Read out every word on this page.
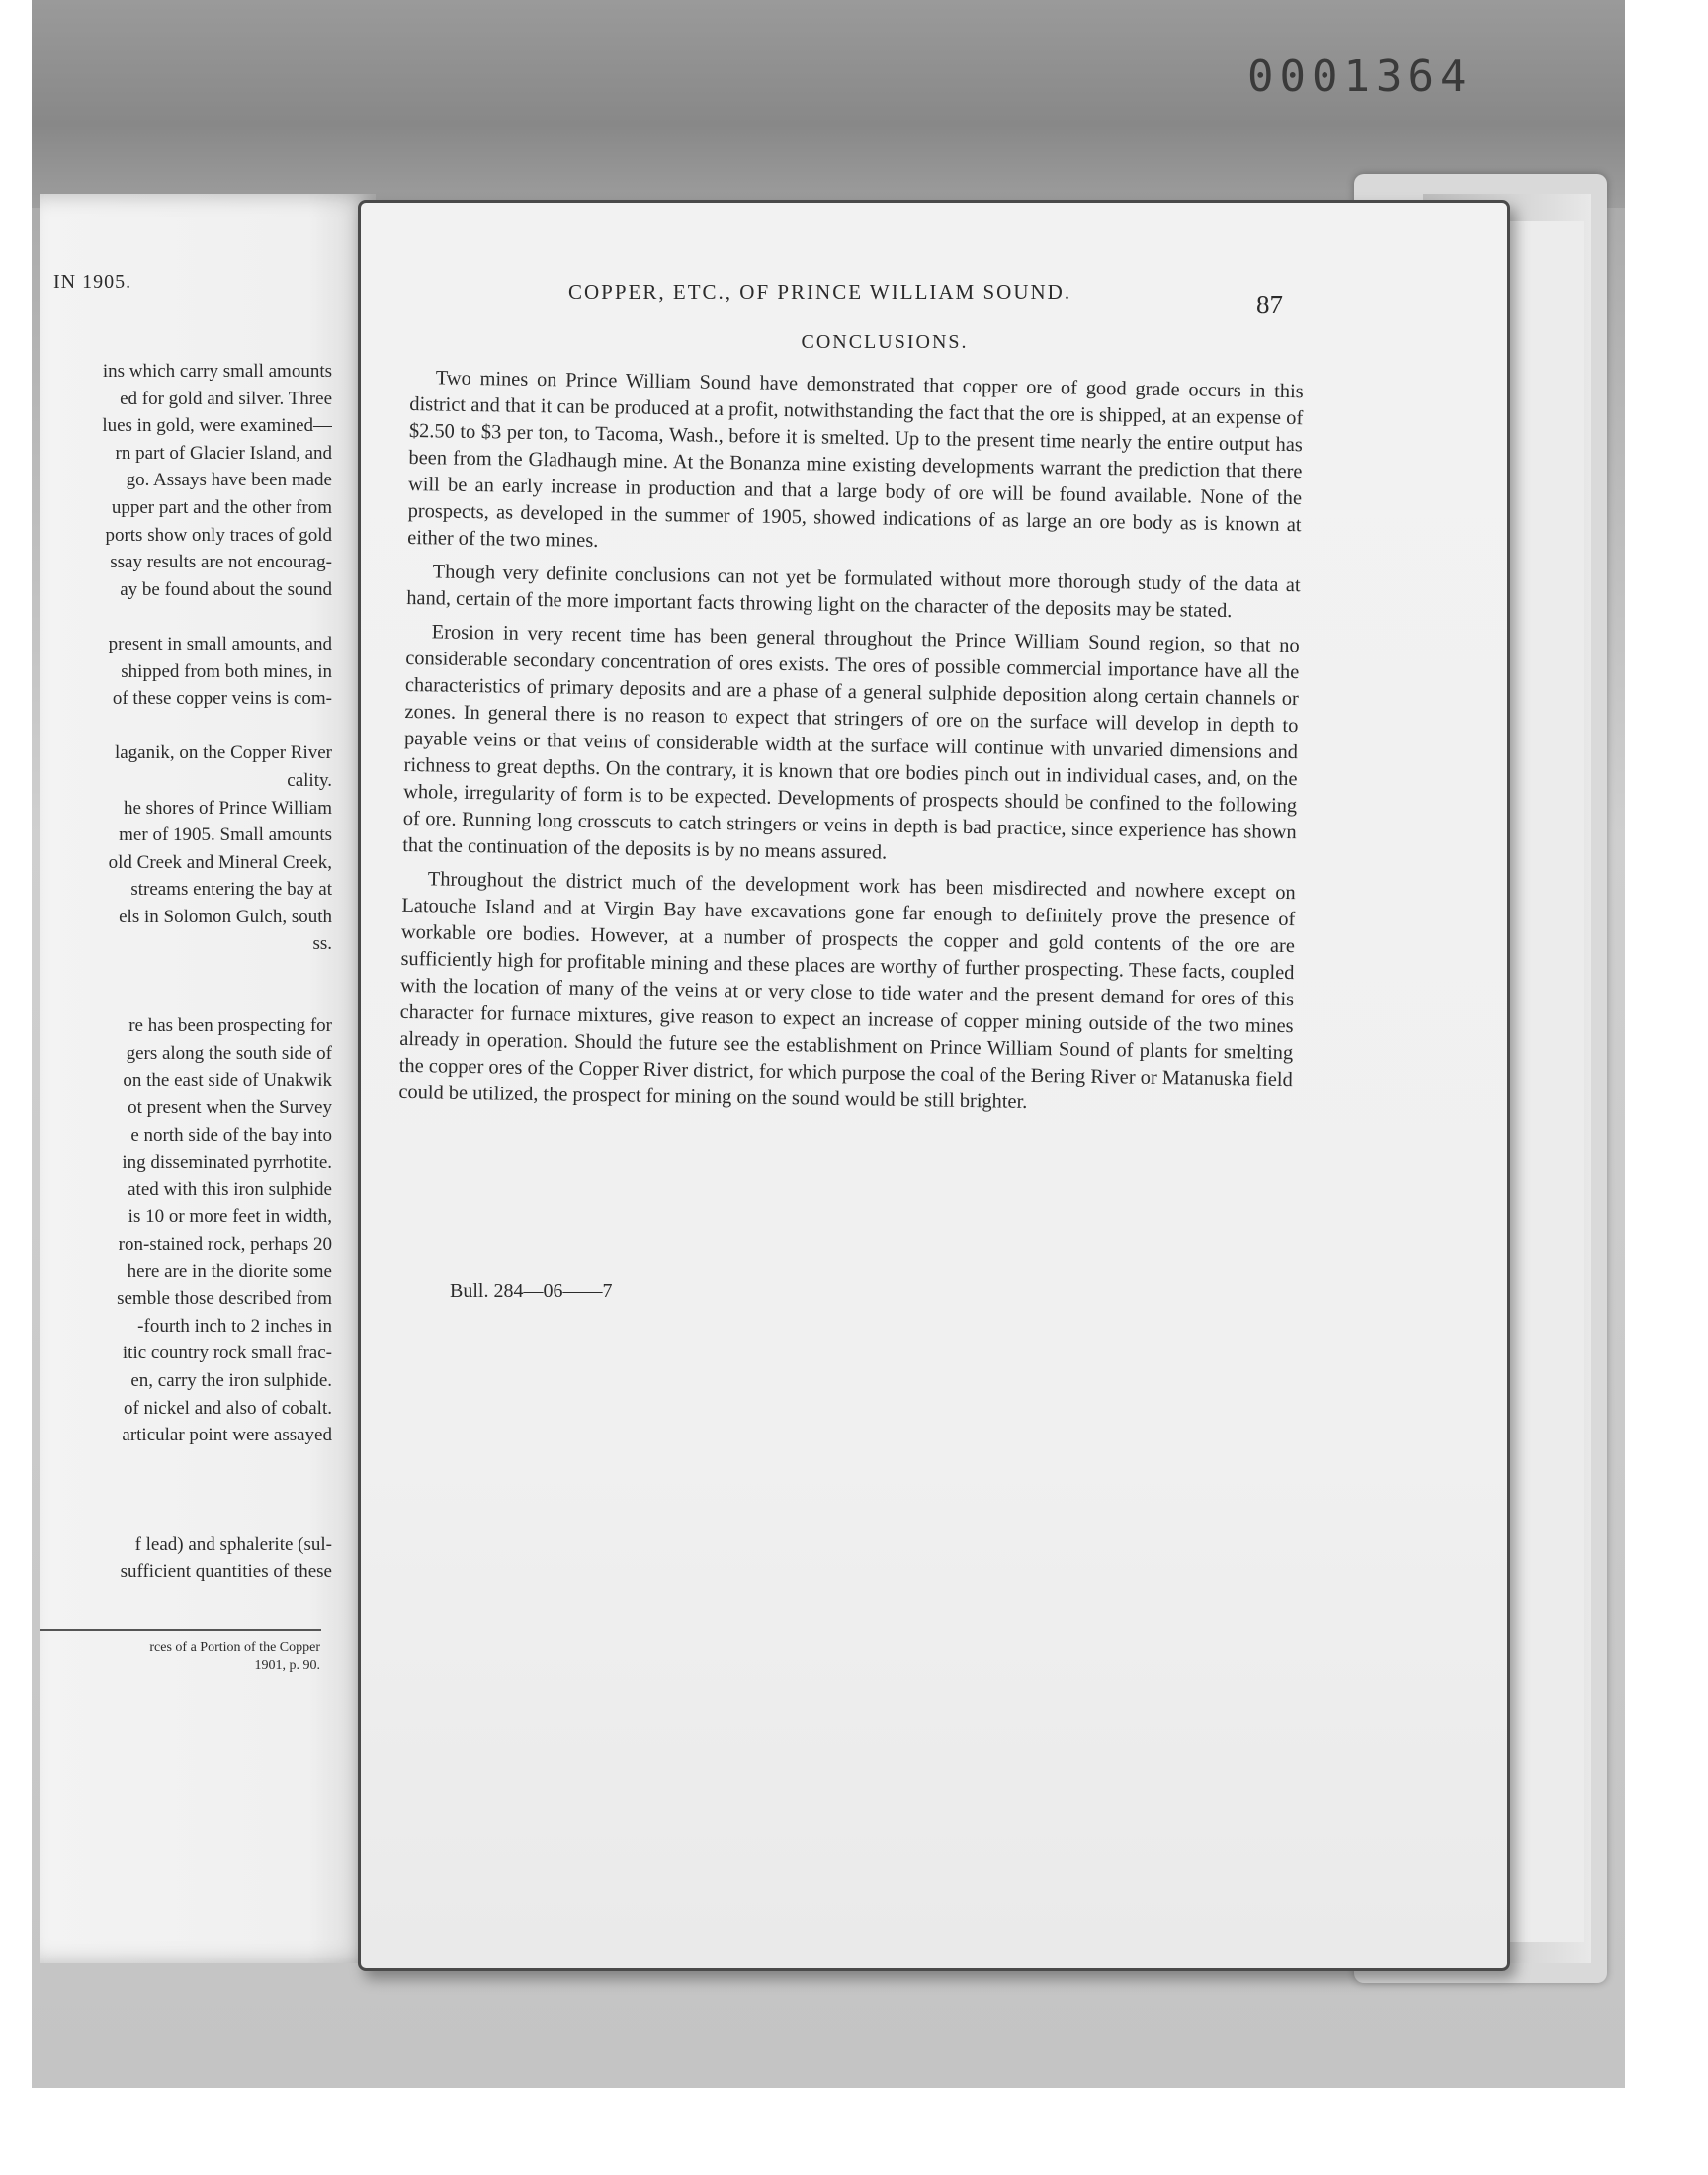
0001364
IN 1905.
ins which carry small amounts
ed for gold and silver. Three
lues in gold, were examined—
rn part of Glacier Island, and
go. Assays have been made
upper part and the other from
ports show only traces of gold
ssay results are not encourag-
ay be found about the sound
present in small amounts, and
shipped from both mines, in
of these copper veins is com-
laganik, on the Copper River
cality.
he shores of Prince William
mer of 1905. Small amounts
old Creek and Mineral Creek,
streams entering the bay at
els in Solomon Gulch, south
ss.
re has been prospecting for
gers along the south side of
on the east side of Unakwik
ot present when the Survey
e north side of the bay into
ing disseminated pyrrhotite.
ated with this iron sulphide
is 10 or more feet in width,
ron-stained rock, perhaps 20
here are in the diorite some
semble those described from
-fourth inch to 2 inches in
itic country rock small frac-
en, carry the iron sulphide.
of nickel and also of cobalt.
articular point were assayed
f lead) and sphalerite (sul-
sufficient quantities of these
rces of a Portion of the Copper
1901, p. 90.
COPPER, ETC., OF PRINCE WILLIAM SOUND.	87
CONCLUSIONS.

Two mines on Prince William Sound have demonstrated that copper ore of good grade occurs in this district and that it can be produced at a profit, notwithstanding the fact that the ore is shipped, at an expense of $2.50 to $3 per ton, to Tacoma, Wash., before it is smelted. Up to the present time nearly the entire output has been from the Gladhaugh mine. At the Bonanza mine existing developments warrant the prediction that there will be an early increase in production and that a large body of ore will be found available. None of the prospects, as developed in the summer of 1905, showed indications of as large an ore body as is known at either of the two mines.

Though very definite conclusions can not yet be formulated without more thorough study of the data at hand, certain of the more important facts throwing light on the character of the deposits may be stated.

Erosion in very recent time has been general throughout the Prince William Sound region, so that no considerable secondary concentration of ores exists. The ores of possible commercial importance have all the characteristics of primary deposits and are a phase of a general sulphide deposition along certain channels or zones. In general there is no reason to expect that stringers of ore on the surface will develop in depth to payable veins or that veins of considerable width at the surface will continue with unvaried dimensions and richness to great depths. On the contrary, it is known that ore bodies pinch out in individual cases, and, on the whole, irregularity of form is to be expected. Developments of prospects should be confined to the following of ore. Running long crosscuts to catch stringers or veins in depth is bad practice, since experience has shown that the continuation of the deposits is by no means assured.

Throughout the district much of the development work has been misdirected and nowhere except on Latouche Island and at Virgin Bay have excavations gone far enough to definitely prove the presence of workable ore bodies. However, at a number of prospects the copper and gold contents of the ore are sufficiently high for profitable mining and these places are worthy of further prospecting. These facts, coupled with the location of many of the veins at or very close to tide water and the present demand for ores of this character for furnace mixtures, give reason to expect an increase of copper mining outside of the two mines already in operation. Should the future see the establishment on Prince William Sound of plants for smelting the copper ores of the Copper River district, for which purpose the coal of the Bering River or Matanuska field could be utilized, the prospect for mining on the sound would be still brighter.

Bull. 284—06——7
